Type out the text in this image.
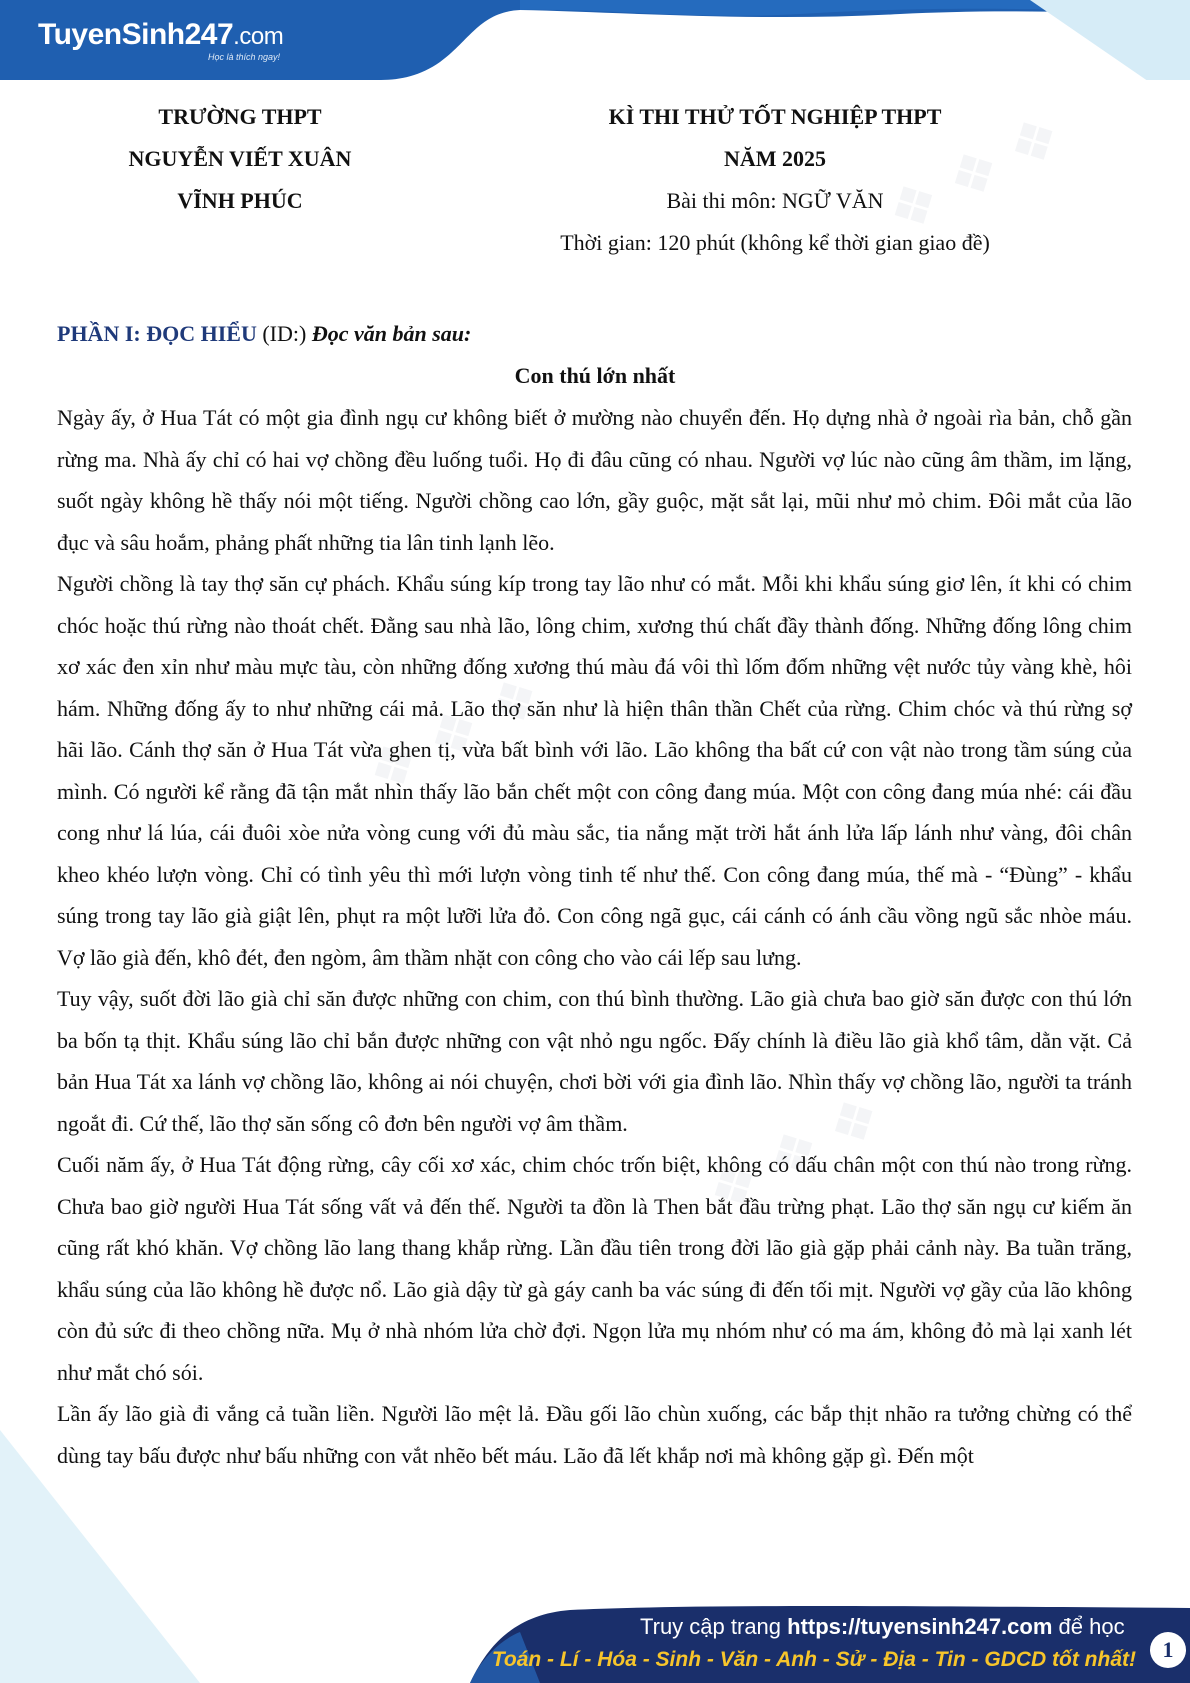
TuyenSinh247.com
Học là thích ngay!
❖ ❖ ❖
❖ ❖ ❖
❖ ❖ ❖
TRƯỜNG THPT
NGUYỄN VIẾT XUÂN
VĨNH PHÚC
KÌ THI THỬ TỐT NGHIỆP THPT
NĂM 2025
Bài thi môn: NGỮ VĂN
Thời gian: 120 phút (không kể thời gian giao đề)
PHẦN I: ĐỌC HIỂU (ID:) Đọc văn bản sau:
Con thú lớn nhất

Ngày ấy, ở Hua Tát có một gia đình ngụ cư không biết ở mường nào chuyển đến. Họ dựng nhà ở ngoài rìa bản, chỗ gần rừng ma. Nhà ấy chỉ có hai vợ chồng đều luống tuổi. Họ đi đâu cũng có nhau. Người vợ lúc nào cũng âm thầm, im lặng, suốt ngày không hề thấy nói một tiếng. Người chồng cao lớn, gầy guộc, mặt sắt lại, mũi như mỏ chim. Đôi mắt của lão đục và sâu hoắm, phảng phất những tia lân tinh lạnh lẽo.

Người chồng là tay thợ săn cự phách. Khẩu súng kíp trong tay lão như có mắt. Mỗi khi khẩu súng giơ lên, ít khi có chim chóc hoặc thú rừng nào thoát chết. Đằng sau nhà lão, lông chim, xương thú chất đầy thành đống. Những đống lông chim xơ xác đen xỉn như màu mực tàu, còn những đống xương thú màu đá vôi thì lốm đốm những vệt nước tủy vàng khè, hôi hám. Những đống ấy to như những cái mả. Lão thợ săn như là hiện thân thần Chết của rừng. Chim chóc và thú rừng sợ hãi lão. Cánh thợ săn ở Hua Tát vừa ghen tị, vừa bất bình với lão. Lão không tha bất cứ con vật nào trong tầm súng của mình. Có người kể rằng đã tận mắt nhìn thấy lão bắn chết một con công đang múa. Một con công đang múa nhé: cái đầu cong như lá lúa, cái đuôi xòe nửa vòng cung với đủ màu sắc, tia nắng mặt trời hắt ánh lửa lấp lánh như vàng, đôi chân kheo khéo lượn vòng. Chỉ có tình yêu thì mới lượn vòng tinh tế như thế. Con công đang múa, thế mà - “Đùng” - khẩu súng trong tay lão già giật lên, phụt ra một lưỡi lửa đỏ. Con công ngã gục, cái cánh có ánh cầu vồng ngũ sắc nhòe máu. Vợ lão già đến, khô đét, đen ngòm, âm thầm nhặt con công cho vào cái lếp sau lưng.

Tuy vậy, suốt đời lão già chỉ săn được những con chim, con thú bình thường. Lão già chưa bao giờ săn được con thú lớn ba bốn tạ thịt. Khẩu súng lão chỉ bắn được những con vật nhỏ ngu ngốc. Đấy chính là điều lão già khổ tâm, dằn vặt. Cả bản Hua Tát xa lánh vợ chồng lão, không ai nói chuyện, chơi bời với gia đình lão. Nhìn thấy vợ chồng lão, người ta tránh ngoắt đi. Cứ thế, lão thợ săn sống cô đơn bên người vợ âm thầm.

Cuối năm ấy, ở Hua Tát động rừng, cây cối xơ xác, chim chóc trốn biệt, không có dấu chân một con thú nào trong rừng. Chưa bao giờ người Hua Tát sống vất vả đến thế. Người ta đồn là Then bắt đầu trừng phạt. Lão thợ săn ngụ cư kiếm ăn cũng rất khó khăn. Vợ chồng lão lang thang khắp rừng. Lần đầu tiên trong đời lão già gặp phải cảnh này. Ba tuần trăng, khẩu súng của lão không hề được nổ. Lão già dậy từ gà gáy canh ba vác súng đi đến tối mịt. Người vợ gầy của lão không còn đủ sức đi theo chồng nữa. Mụ ở nhà nhóm lửa chờ đợi. Ngọn lửa mụ nhóm như có ma ám, không đỏ mà lại xanh lét như mắt chó sói.

Lần ấy lão già đi vắng cả tuần liền. Người lão mệt lả. Đầu gối lão chùn xuống, các bắp thịt nhão ra tưởng chừng có thể dùng tay bấu được như bấu những con vắt nhẽo bết máu. Lão đã lết khắp nơi mà không gặp gì. Đến một

Truy cập trang https://tuyensinh247.com để học
Toán - Lí - Hóa - Sinh - Văn - Anh - Sử - Địa - Tin - GDCD tốt nhất!	1
